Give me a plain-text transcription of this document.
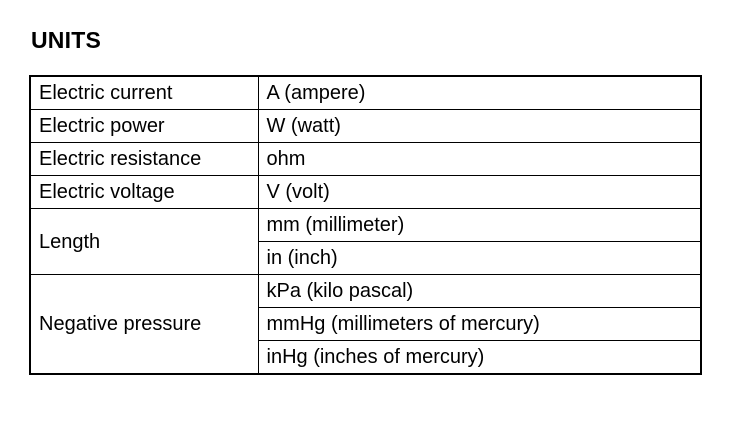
UNITS
Electric current	A (ampere)
Electric power	W (watt)
Electric resistance	ohm
Electric voltage	V (volt)
Length	mm (millimeter)
	in (inch)
Negative pressure	kPa (kilo pascal)
	mmHg (millimeters of mercury)
	inHg (inches of mercury)
